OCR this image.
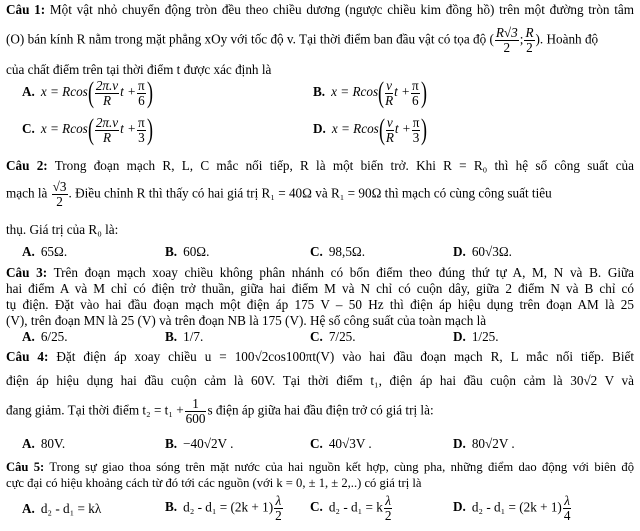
Câu 1: Một vật nhỏ chuyển động tròn đều theo chiều dương (ngược chiều kim đồng hồ) trên một đường tròn tâm
(O) bán kính R nằm trong mặt phẳng xOy với tốc độ v. Tại thời điểm ban đầu vật có tọa độ ( $\frac{R√3}{2}$ ; $\frac{R}{2}$ ). Hoành độ
của chất điểm trên tại thời điểm t được xác định là
A. $x = Rcos( \frac{2\pi.v}{R}t + \frac{\pi}{6}$ )	B. $x = Rcos( \frac{v}{R}t + \frac{\pi}{6}$ )
C. $x = Rcos( \frac{2\pi.v}{R}t + \frac{\pi}{3}$ )	D. $x = Rcos( \frac{v}{R}t + \frac{\pi}{3}$ )
Câu 2: Trong đoạn mạch R, L, C mắc nối tiếp, R là một biến trở. Khi R = R₀ thì hệ số công suất của
mạch là $\frac{√3}{2}$ . Điều chỉnh R thì thấy có hai giá trị R₁ = 40Ω và R₁ = 90Ω thì mạch có cùng công suất tiêu
thụ. Giá trị của R₀ là:
A. 65Ω.	B. 60Ω.	C. 98,5Ω.	D. 60√3Ω.
Câu 3: Trên đoạn mạch xoay chiều không phân nhánh có bốn điểm theo đúng thứ tự A, M, N và B. Giữa
hai điểm A và M chỉ có điện trở thuần, giữa hai điểm M và N chỉ có cuộn dây, giữa 2 điểm N và B chỉ có
tụ điện. Đặt vào hai đầu đoạn mạch một điện áp 175 V – 50 Hz thì điện áp hiệu dụng trên đoạn AM là 25
(V), trên đoạn MN là 25 (V) và trên đoạn NB là 175 (V). Hệ số công suất của toàn mạch là
A. 6/25.	B. 1/7.	C. 7/25.	D. 1/25.
Câu 4: Đặt điện áp xoay chiều u = 100√2cos100πt(V) vào hai đầu đoạn mạch R, L mắc nối tiếp. Biết
điện áp hiệu dụng hai đầu cuộn cảm là 60V. Tại thời điểm t₁, điện áp hai đầu cuộn cảm là 30√2 V và
đang giảm. Tại thời điểm $t_2 = t_1 + \frac{1}{600}$ s điện áp giữa hai đầu điện trở có giá trị là:
A. 80V.	B. −40√2V .	C. 40√3V .	D. 80√2V .
Câu 5: Trong sự giao thoa sóng trên mặt nước của hai nguồn kết hợp, cùng pha, những điểm dao động với biên độ
cực đại có hiệu khoảng cách từ đó tới các nguồn (với k = 0, ± 1, ± 2,..) có giá trị là
A. d₂ - d₁ = kλ	B. $d_2 - d_1 = (2k + 1) \frac{\lambda}{2} C$. d₂ - d₁ = k $\frac{\lambda}{2}$	D. $d_2 - d_1 = (2k + 1) \frac{\lambda}{4}$
